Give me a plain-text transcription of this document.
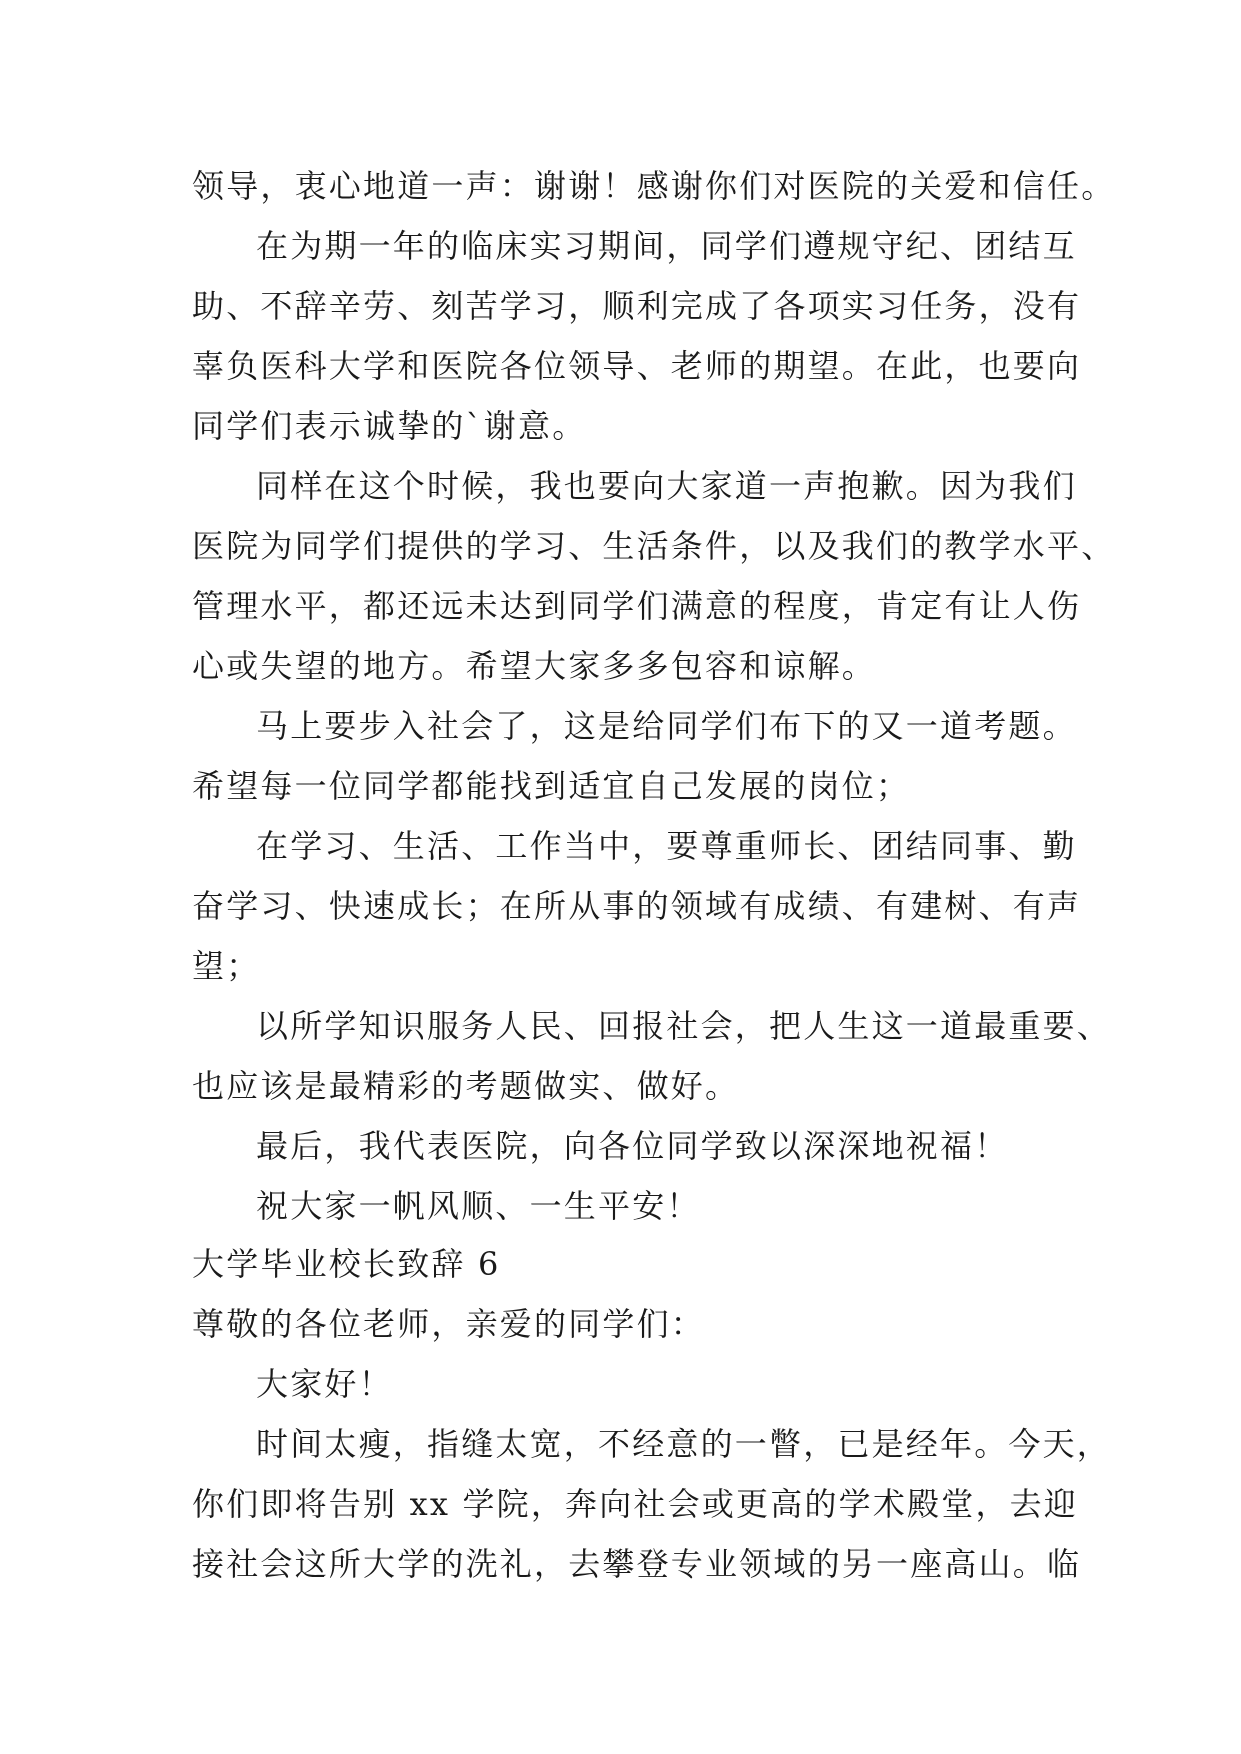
领导，衷心地道一声：谢谢！感谢你们对医院的关爱和信任。
在为期一年的临床实习期间，同学们遵规守纪、团结互
助、不辞辛劳、刻苦学习，顺利完成了各项实习任务，没有
辜负医科大学和医院各位领导、老师的期望。在此，也要向
同学们表示诚挚的`谢意。
同样在这个时候，我也要向大家道一声抱歉。因为我们
医院为同学们提供的学习、生活条件，以及我们的教学水平、
管理水平，都还远未达到同学们满意的程度，肯定有让人伤
心或失望的地方。希望大家多多包容和谅解。
马上要步入社会了，这是给同学们布下的又一道考题。
希望每一位同学都能找到适宜自己发展的岗位；
在学习、生活、工作当中，要尊重师长、团结同事、勤
奋学习、快速成长；在所从事的领域有成绩、有建树、有声
望；
以所学知识服务人民、回报社会，把人生这一道最重要、
也应该是最精彩的考题做实、做好。
最后，我代表医院，向各位同学致以深深地祝福！
祝大家一帆风顺、一生平安！
大学毕业校长致辞 6
尊敬的各位老师，亲爱的同学们：
大家好！
时间太瘦，指缝太宽，不经意的一瞥，已是经年。今天，
你们即将告别 xx 学院，奔向社会或更高的学术殿堂，去迎
接社会这所大学的洗礼，去攀登专业领域的另一座高山。临
